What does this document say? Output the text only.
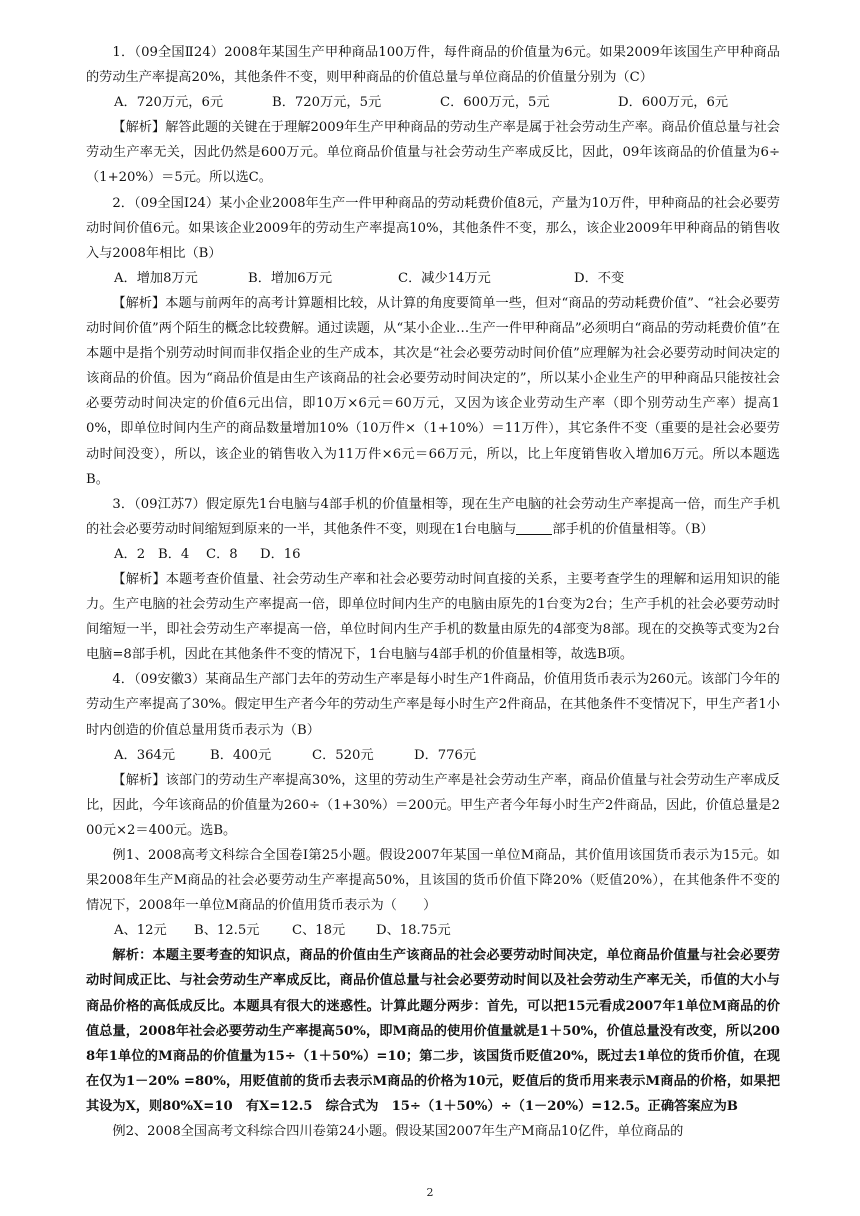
1．（09全国Ⅱ24）2008年某国生产甲种商品100万件，每件商品的价值量为6元。如果2009年该国生产甲种商品的劳动生产率提高20%，其他条件不变，则甲种商品的价值总量与单位商品的价值量分别为（C）

A．720万元，6元	B．720万元，5元	C．600万元，5元	D．600万元，6元

【解析】解答此题的关键在于理解2009年生产甲种商品的劳动生产率是属于社会劳动生产率。商品价值总量与社会劳动生产率无关，因此仍然是600万元。单位商品价值量与社会劳动生产率成反比，因此，09年该商品的价值量为6÷（1+20%）＝5元。所以选C。

2．（09全国Ⅰ24）某小企业2008年生产一件甲种商品的劳动耗费价值8元，产量为10万件，甲种商品的社会必要劳动时间价值6元。如果该企业2009年的劳动生产率提高10%，其他条件不变，那么，该企业2009年甲种商品的销售收入与2008年相比（B）

A．增加8万元	B．增加6万元	C．减少14万元	D．不变

【解析】本题与前两年的高考计算题相比较，从计算的角度要简单一些，但对“商品的劳动耗费价值”、“社会必要劳动时间价值”两个陌生的概念比较费解。通过读题，从“某小企业…生产一件甲种商品”必须明白“商品的劳动耗费价值”在本题中是指个别劳动时间而非仅指企业的生产成本，其次是“社会必要劳动时间价值”应理解为社会必要劳动时间决定的该商品的价值。因为“商品价值是由生产该商品的社会必要劳动时间决定的”，所以某小企业生产的甲种商品只能按社会必要劳动时间决定的价值6元出信，即10万×6元＝60万元，又因为该企业劳动生产率（即个别劳动生产率）提高10%，即单位时间内生产的商品数量增加10%（10万件×（1+10%）＝11万件），其它条件不变（重要的是社会必要劳动时间没变），所以，该企业的销售收入为11万件×6元＝66万元，所以，比上年度销售收入增加6万元。所以本题选B。

3．（09江苏7）假定原先1台电脑与4部手机的价值量相等，现在生产电脑的社会劳动生产率提高一倍，而生产手机的社会必要劳动时间缩短到原来的一半，其他条件不变，则现在1台电脑与	部手机的价值量相等。（B）

A．2 B．4 C．8 D．16

【解析】本题考查价值量、社会劳动生产率和社会必要劳动时间直接的关系，主要考查学生的理解和运用知识的能力。生产电脑的社会劳动生产率提高一倍，即单位时间内生产的电脑由原先的1台变为2台；生产手机的社会必要劳动时间缩短一半，即社会劳动生产率提高一倍，单位时间内生产手机的数量由原先的4部变为8部。现在的交换等式变为2台电脑=8部手机，因此在其他条件不变的情况下，1台电脑与4部手机的价值量相等，故选B项。

4．（09安徽3）某商品生产部门去年的劳动生产率是每小时生产1件商品，价值用货币表示为260元。该部门今年的劳动生产率提高了30%。假定甲生产者今年的劳动生产率是每小时生产2件商品，在其他条件不变情况下，甲生产者1小时内创造的价值总量用货币表示为（B）

A．364元	B．400元	C．520元	D．776元

【解析】该部门的劳动生产率提高30%，这里的劳动生产率是社会劳动生产率，商品价值量与社会劳动生产率成反比，因此，今年该商品的价值量为260÷（1+30%）＝200元。甲生产者今年每小时生产2件商品，因此，价值总量是200元×2＝400元。选B。

例1、2008高考文科综合全国卷Ⅰ第25小题。假设2007年某国一单位M商品，其价值用该国货币表示为15元。如果2008年生产M商品的社会必要劳动生产率提高50%，且该国的货币价值下降20%（贬值20%），在其他条件不变的情况下，2008年一单位M商品的价值用货币表示为（　　）

A、12元 B、12.5元 C、18元 D、18.75元

解析：本题主要考查的知识点，商品的价值由生产该商品的社会必要劳动时间决定，单位商品价值量与社会必要劳动时间成正比、与社会劳动生产率成反比，商品价值总量与社会必要劳动时间以及社会劳动生产率无关，币值的大小与商品价格的高低成反比。本题具有很大的迷惑性。计算此题分两步：首先，可以把15元看成2007年1单位M商品的价值总量，2008年社会必要劳动生产率提高50%，即M商品的使用价值量就是1＋50%，价值总量没有改变，所以2008年1单位的M商品的价值量为15÷（1＋50%）=10；第二步，该国货币贬值20%，既过去1单位的货币价值，在现在仅为1－20% =80%，用贬值前的货币去表示M商品的价格为10元，贬值后的货币用来表示M商品的价格，如果把其设为X，则80%X=10　有X=12.5　综合式为　15÷（1＋50%）÷（1－20%）=12.5。正确答案应为B

例2、2008全国高考文科综合四川卷第24小题。假设某国2007年生产M商品10亿件，单位商品的

2
